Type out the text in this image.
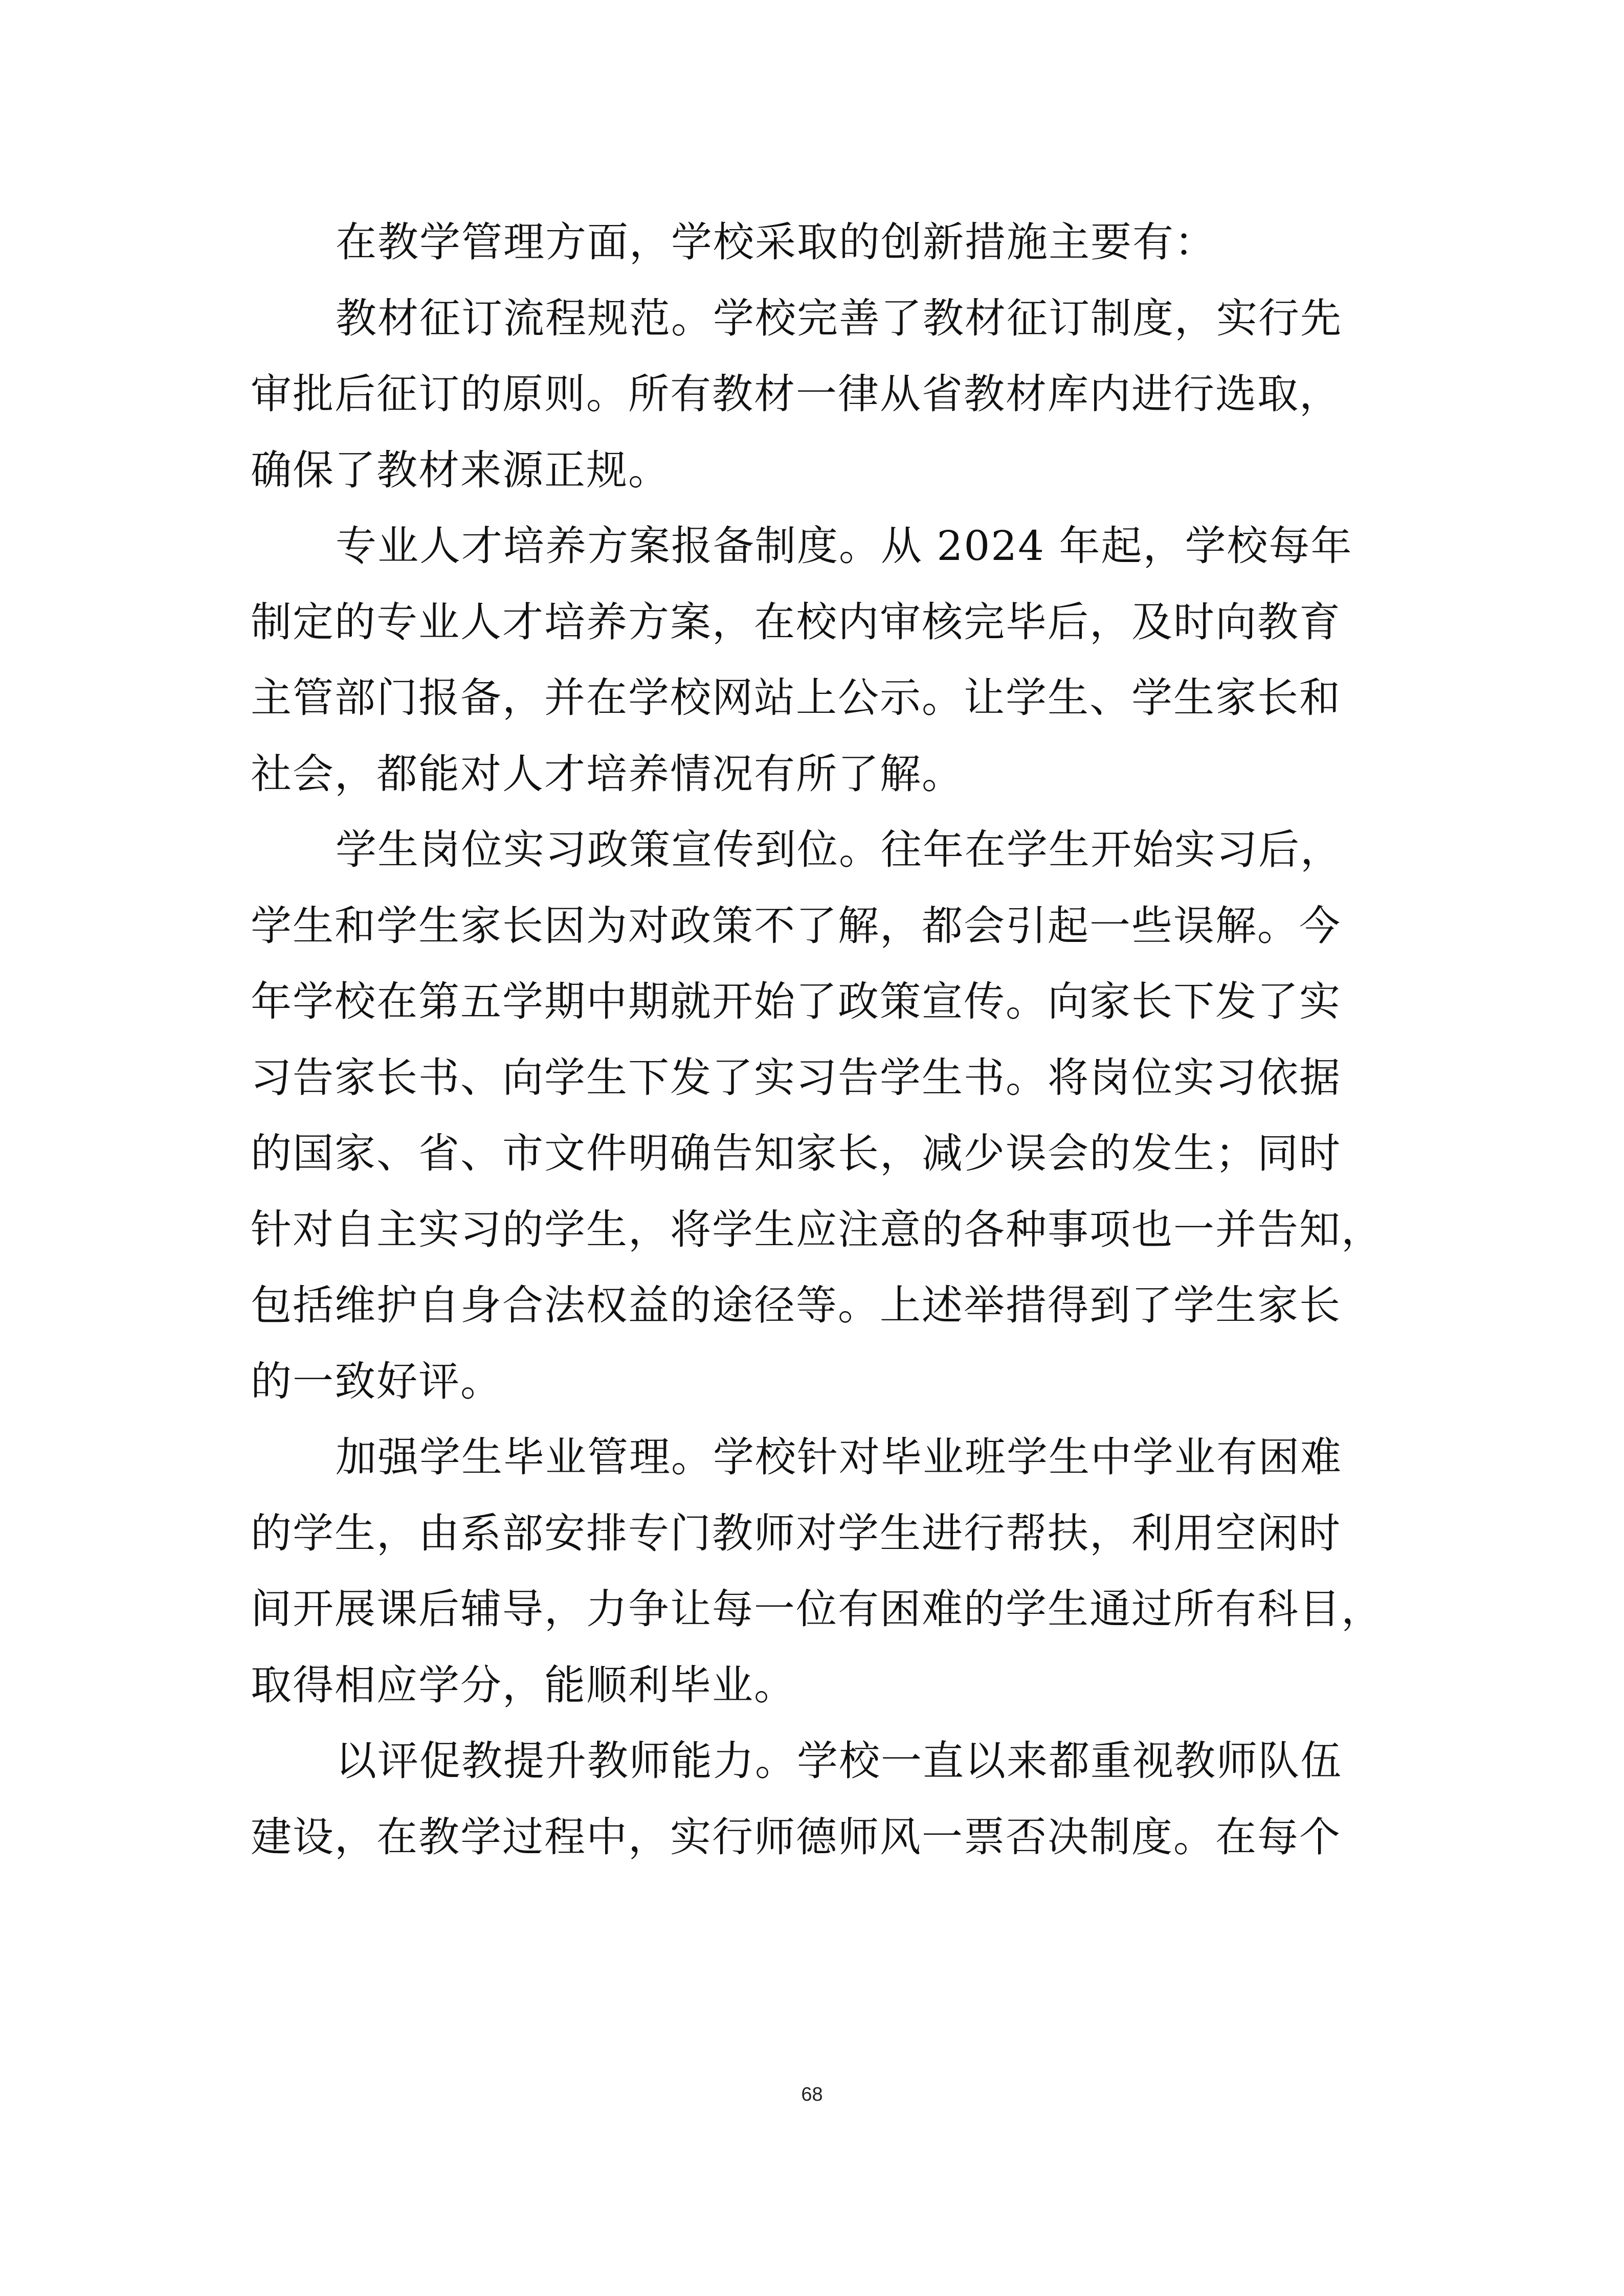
在教学管理方面，学校采取的创新措施主要有：
教材征订流程规范。学校完善了教材征订制度，实行先
审批后征订的原则。所有教材一律从省教材库内进行选取，
确保了教材来源正规。
专业人才培养方案报备制度。从 2024 年起，学校每年
制定的专业人才培养方案，在校内审核完毕后，及时向教育
主管部门报备，并在学校网站上公示。让学生、学生家长和
社会，都能对人才培养情况有所了解。
学生岗位实习政策宣传到位。往年在学生开始实习后，
学生和学生家长因为对政策不了解，都会引起一些误解。今
年学校在第五学期中期就开始了政策宣传。向家长下发了实
习告家长书、向学生下发了实习告学生书。将岗位实习依据
的国家、省、市文件明确告知家长，减少误会的发生；同时
针对自主实习的学生，将学生应注意的各种事项也一并告知，
包括维护自身合法权益的途径等。上述举措得到了学生家长
的一致好评。
加强学生毕业管理。学校针对毕业班学生中学业有困难
的学生，由系部安排专门教师对学生进行帮扶，利用空闲时
间开展课后辅导，力争让每一位有困难的学生通过所有科目，
取得相应学分，能顺利毕业。
以评促教提升教师能力。学校一直以来都重视教师队伍
建设，在教学过程中，实行师德师风一票否决制度。在每个
68
